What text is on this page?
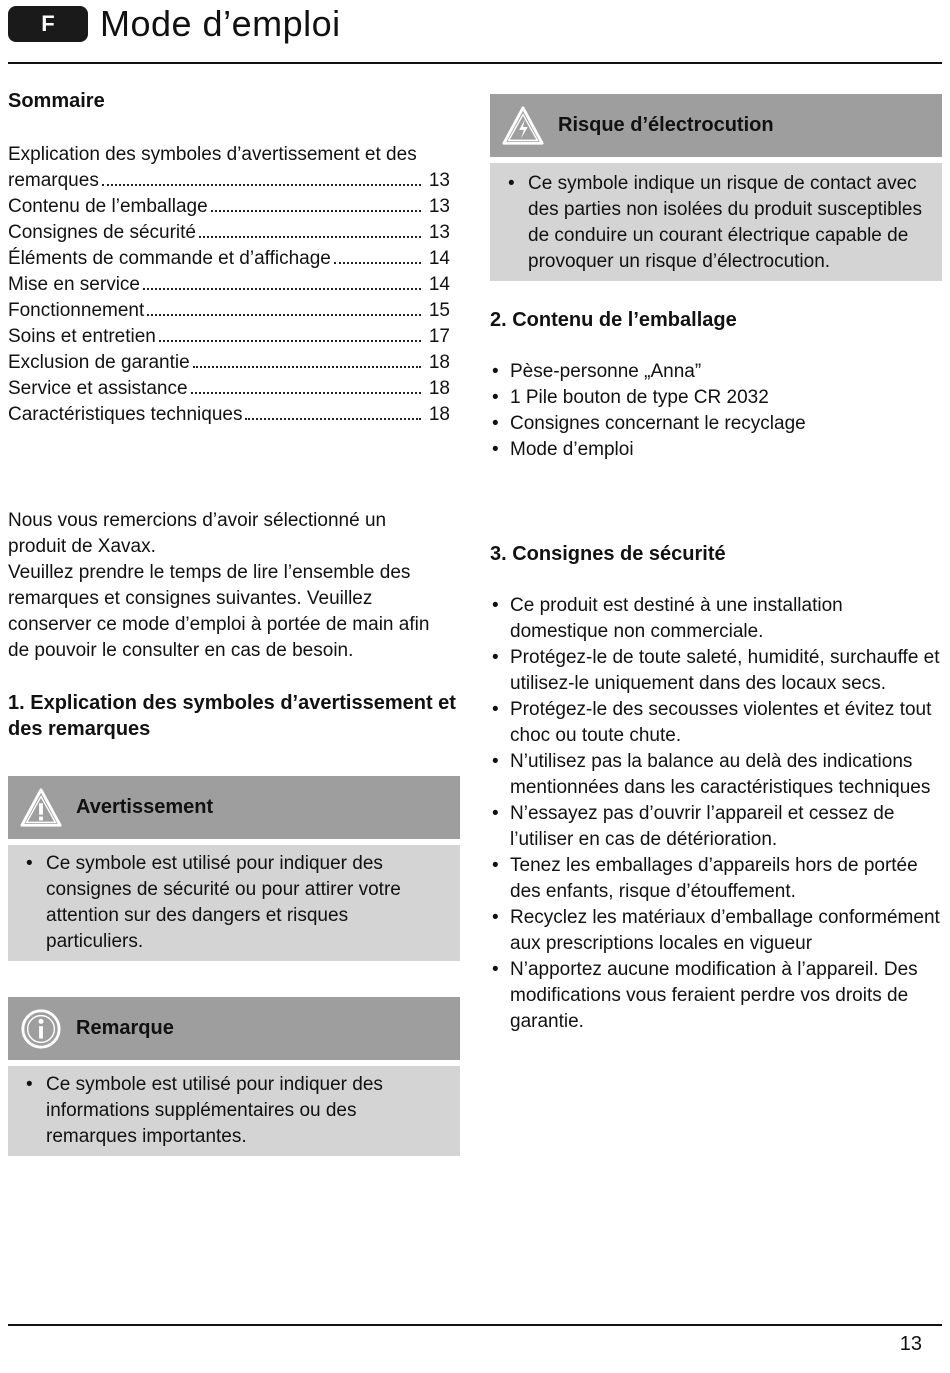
F	Mode d’emploi
Sommaire

Explication des symboles d’avertissement et des

remarques	13
Contenu de l’emballage	13
Consignes de sécurité	13
Éléments de commande et d’affichage	14
Mise en service	14
Fonctionnement	15
Soins et entretien	17
Exclusion de garantie	18
Service et assistance	18
Caractéristiques techniques	18

Nous vous remercions d’avoir sélectionné un produit de Xavax.

Veuillez prendre le temps de lire l’ensemble des remarques et consignes suivantes. Veuillez conserver ce mode d’emploi à portée de main afin de pouvoir le consulter en cas de besoin.

1. Explication des symboles d’avertissement et des remarques
Avertissement
• Ce symbole est utilisé pour indiquer des consignes de sécurité ou pour attirer votre attention sur des dangers et risques particuliers.
Remarque
• Ce symbole est utilisé pour indiquer des informations supplémentaires ou des remarques importantes.
Risque d’électrocution
• Ce symbole indique un risque de contact avec des parties non isolées du produit susceptibles de conduire un courant électrique capable de provoquer un risque d’électrocution.
2. Contenu de l’emballage
• Pèse-personne „Anna”
• 1 Pile bouton de type CR 2032
• Consignes concernant le recyclage
• Mode d’emploi
3. Consignes de sécurité
• Ce produit est destiné à une installation domestique non commerciale.
• Protégez-le de toute saleté, humidité, surchauffe et utilisez-le uniquement dans des locaux secs.
• Protégez-le des secousses violentes et évitez tout choc ou toute chute.
• N’utilisez pas la balance au delà des indications mentionnées dans les caractéristiques techniques
• N’essayez pas d’ouvrir l’appareil et cessez de l’utiliser en cas de détérioration.
• Tenez les emballages d’appareils hors de portée des enfants, risque d’étouffement.
• Recyclez les matériaux d’emballage conformément aux prescriptions locales en vigueur
• N’apportez aucune modification à l’appareil. Des modifications vous feraient perdre vos droits de garantie.
13
